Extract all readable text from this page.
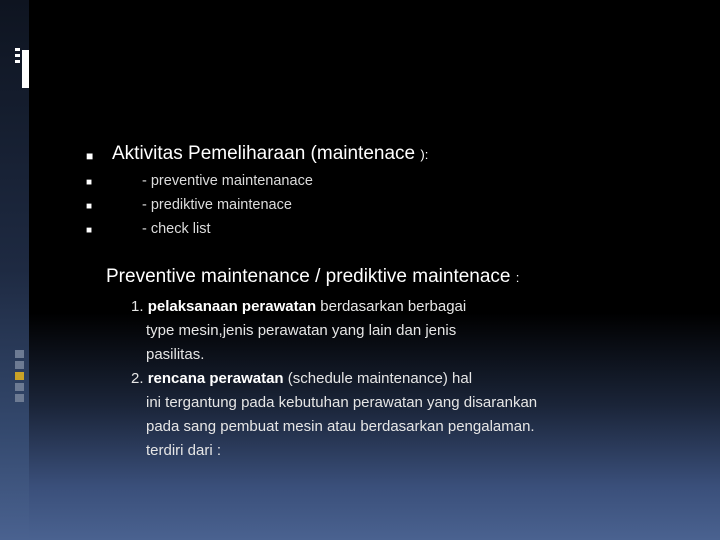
■ Aktivitas Pemeliharaan (maintenace ):
■	- preventive maintenanace
■	- prediktive maintenace
■	- check list
Preventive maintenance / prediktive maintenace :
1. pelaksanaan perawatan berdasarkan berbagai
type mesin,jenis perawatan yang lain dan jenis
pasilitas.
2. rencana perawatan (schedule maintenance) hal
ini tergantung pada kebutuhan perawatan yang disarankan
pada sang pembuat mesin atau berdasarkan pengalaman.
terdiri dari :
